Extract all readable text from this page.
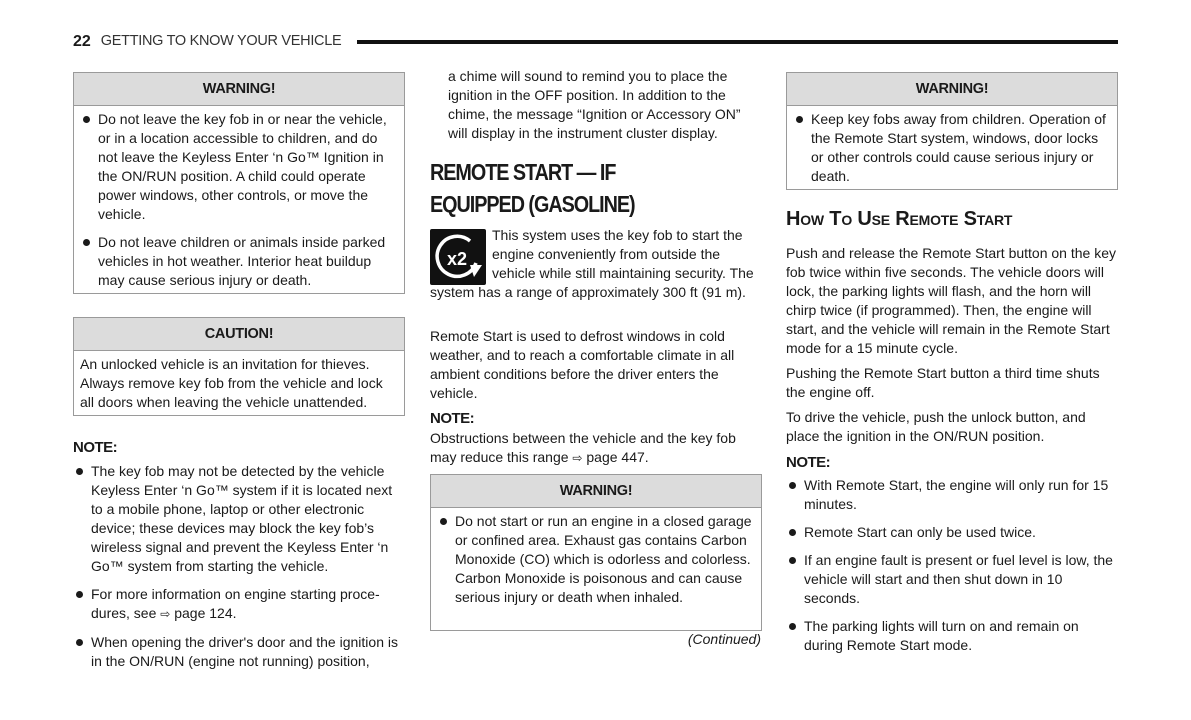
22 GETTING TO KNOW YOUR VEHICLE
WARNING!
Do not leave the key fob in or near the vehicle, or in a location accessible to children, and do not leave the Keyless Enter ‘n Go™ Ignition in the ON/RUN position. A child could operate power windows, other controls, or move the vehicle.
Do not leave children or animals inside parked vehicles in hot weather. Interior heat buildup may cause serious injury or death.
CAUTION!
An unlocked vehicle is an invitation for thieves. Always remove key fob from the vehicle and lock all doors when leaving the vehicle unattended.
NOTE:
The key fob may not be detected by the vehicle Keyless Enter ‘n Go™ system if it is located next to a mobile phone, laptop or other electronic device; these devices may block the key fob’s wireless signal and prevent the Keyless Enter ‘n Go™ system from starting the vehicle.
For more information on engine starting proce-dures, see ⇨ page 124.
When opening the driver's door and the ignition is in the ON/RUN (engine not running) position,
a chime will sound to remind you to place the ignition in the OFF position. In addition to the chime, the message “Ignition or Accessory ON” will display in the instrument cluster display.
REMOTE START — IF EQUIPPED (GASOLINE)
x2
This system uses the key fob to start the engine conveniently from outside the vehicle while still maintaining security. The system has a range of approximately 300 ft (91 m).
Remote Start is used to defrost windows in cold weather, and to reach a comfortable climate in all ambient conditions before the driver enters the vehicle.
NOTE:
Obstructions between the vehicle and the key fob may reduce this range ⇨ page 447.
WARNING!
Do not start or run an engine in a closed garage or confined area. Exhaust gas contains Carbon Monoxide (CO) which is odorless and colorless. Carbon Monoxide is poisonous and can cause serious injury or death when inhaled.
(Continued)
WARNING!
Keep key fobs away from children. Operation of the Remote Start system, windows, door locks or other controls could cause serious injury or death.
How To Use Remote Start

Push and release the Remote Start button on the key fob twice within five seconds. The vehicle doors will lock, the parking lights will flash, and the horn will chirp twice (if programmed). Then, the engine will start, and the vehicle will remain in the Remote Start mode for a 15 minute cycle.

Pushing the Remote Start button a third time shuts the engine off.

To drive the vehicle, push the unlock button, and place the ignition in the ON/RUN position.

NOTE:
With Remote Start, the engine will only run for 15 minutes.
Remote Start can only be used twice.
If an engine fault is present or fuel level is low, the vehicle will start and then shut down in 10 seconds.
The parking lights will turn on and remain on during Remote Start mode.
